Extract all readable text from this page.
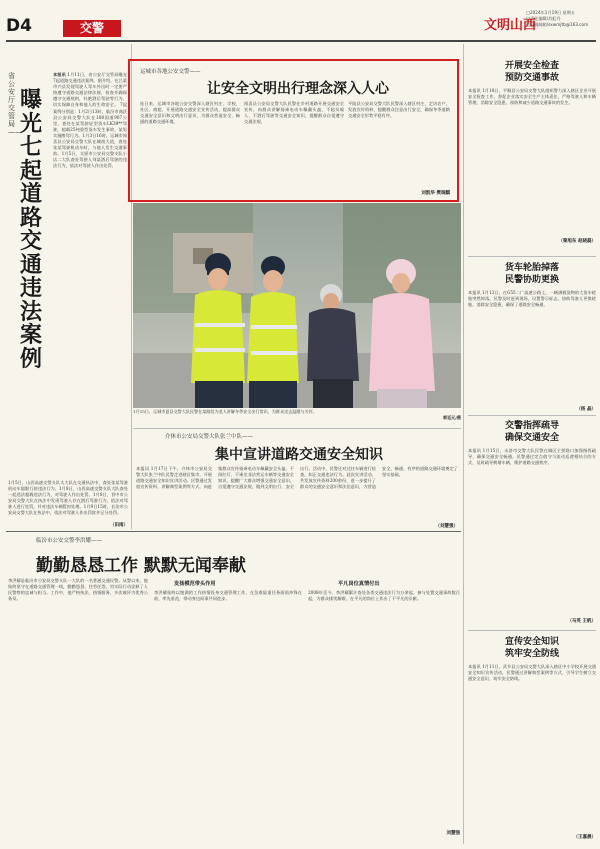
D4	交警	文明山西
□2024年1月19日 星期五
□责任编辑/苏虹丹
□投稿邮箱/sxwmjtb@163.com
省公安厅交管局——
曝光七起道路交通违法案例
本报讯 1月11日，省公安厅交管局曝光7起道路交通违法案例。据介绍，在吕梁市兴县发现驾驶人驾车外出时一定要严格遵守道路交通法律法规，检查并确保遵守交通规则，杜绝酒后驾驶等行为，切实保障自身和他人的生命安全。 7起案例分别是：1月2日13时，临汾市曲沃县公安局交警大队在108国道907公里，查处在某驾驶轻型货车LK39**驾驶，超载25吨重型货车发生事故，某男实施醉驾行为。1月3日16时，运城市闻喜县公安局交警大队在城南大道，查处张某驾驶机动车时，与他人发生交通事故。1月5日，太原市公安局交警支队小店二大队查处驾驶人刘某酒后驾驶的违法行为，依法对驾驶人作出处罚。
1月5日，山西高速交警支队太大队在交通执法中，查处张某驾驶机动车超限行驶违法行为。1月8日，山西高速交警支队大队查处一起违法超载违法行为，对驾驶人作出处罚。1月8日，晋中市公安局交警大队在执法中发现驾驶人存在酒后驾驶行为，依法对驾驶人进行处罚，并对违法车辆暂扣处理。1月9日15时，长治市公安局交警大队在执法中，依法对驾驶人作出罚款并记分处罚。
（田雨）
运城市各地公安交警——
让安全文明出行理念深入人心
连日来，运城市各地公安交警深入辖区村庄、学校、社区、商超，开展道路交通安全宣传活动，提高群众交通安全意识和文明出行意识，为群众营造安全、畅通的道路交通环境。
闻喜县公安局交警大队民警在乡村道路开展交通安全宣传，向群众讲解骑乘电动车佩戴头盔、不超员载人、不酒后驾驶等交通安全知识，提醒群众自觉遵守交通法规。
平陆县公安局交警大队民警深入辖区村庄，走访农户，发放宣传资料，提醒群众注意出行安全，确保冬季道路交通安全形势平稳有序。
刘凯华 樊瑞麒
1月15日，运城市夏县交警大队民警在某路段为老人讲解冬季安全出行常识，为群众送去温暖与关怀。
郭廷元/摄
介休市公安局交警大队张兰中队——
集中宣讲道路交通安全知识
本报讯 1月17日下午，介休市公安局交警大队张兰中队民警走进辖区集市，开展道路交通安全知识宣讲活动。民警通过发放宣传资料、讲解典型案例等方式，向赶集群众宣传骑乘电动车佩戴安全头盔、不闯红灯、不乘坐非法营运车辆等交通安全知识，提醒广大群众增强交通安全意识，自觉遵守交通法规，做到文明出行、安全出行。活动中，民警还对过往车辆进行检查，纠正交通违法行为。此次宣讲活动，共发放宣传资料200余份，进一步提升了群众的交通安全意识和法治意识，为营造安全、畅通、有序的道路交通环境奠定了坚实基础。
（刘慧强）
临汾市公安交警李洪耀——
勤勤恳恳工作 默默无闻奉献
李洪耀是临汾市公安局交警支队一大队的一名普通交通民警。从警以来，他始终坚守在道路交通管理一线，勤勤恳恳、任劳任怨，用实际行动诠释了人民警察的忠诚与担当。工作中，他严格执法、热情服务，多次被评为优秀公务员。
发扬模范带头作用
李洪耀始终以饱满的工作热情投身交通管理工作，在急难险重任务面前冲锋在前，率先垂范，带动身边同事共同进步。
平凡岗位真情付出
2008年至今，李洪耀累计查处各类交通违法行为万余起，参与处置交通事故数百起，为群众排忧解难，在平凡的岗位上作出了不平凡的贡献。
刘慧强
开展安全检查
预防交通事故
本报讯 1月18日，平顺县公安局交警大队组织警力深入辖区企业开展安全检查工作，督促企业落实安全生产主体责任，严格驾驶人和车辆管理，消除安全隐患，预防和减少道路交通事故的发生。
（秦旭东 赵晓磊）
货车轮胎掉落
民警协助更换
本报讯 1月13日，在G55二广高速公路上，一辆满载货物的大货车轮胎突然掉落，民警及时赶到现场，设置警示标志，协助驾驶人更换轮胎，消除安全隐患，确保了道路安全畅通。
（杨 晶）
交警指挥疏导
确保交通安全
本报讯 1月15日，永济市交警大队民警在城区主要路口加强指挥疏导，确保交通安全畅通。民警通过定点值守与流动巡逻相结合的方式，及时疏导拥堵车辆，维护道路交通秩序。
（马英 王帆）
宣传安全知识
筑牢安全防线
本报讯 1月11日，武乡县公安局交警大队深入辖区中小学校开展交通安全知识宣传活动，民警通过讲解典型案例等方式，引导学生树立交通安全意识，筑牢安全防线。
（王嘉晨）
